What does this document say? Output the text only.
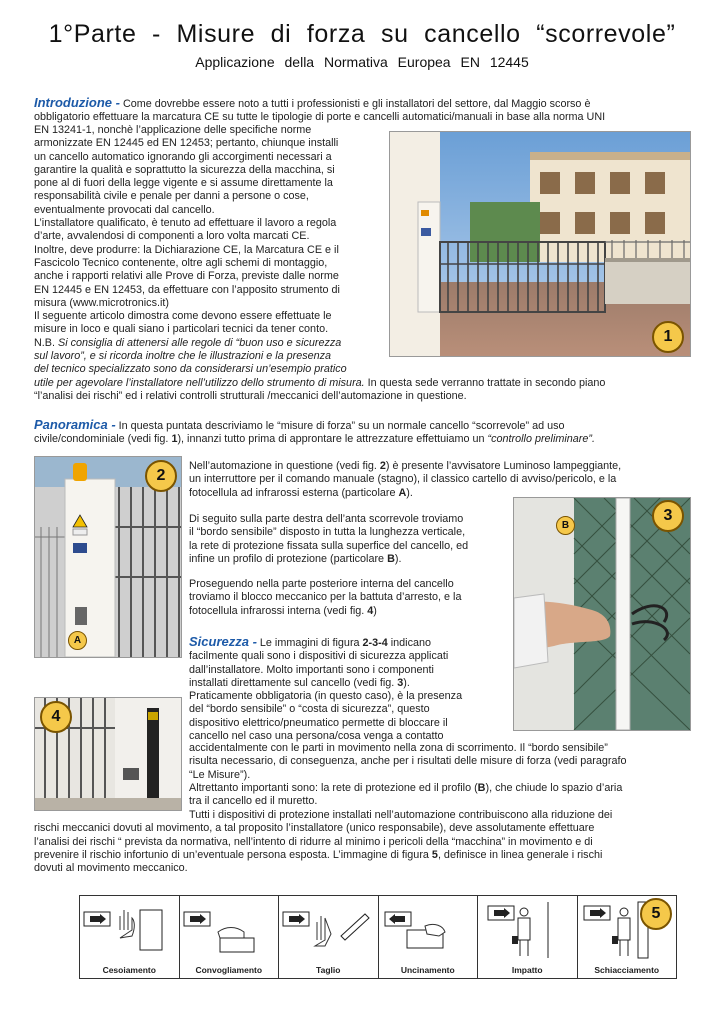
1°Parte - Misure di forza su cancello “scorrevole”
Applicazione della Normativa Europea EN 12445
Introduzione - Come dovrebbe essere noto a tutti i professionisti e gli installatori del settore, dal Maggio scorso è
obbligatorio effettuare la marcatura CE su tutte le tipologie di porte e cancelli automatici/manuali in base alla norma UNI
EN 13241-1, nonchè l’applicazione delle specifiche norme
armonizzate EN 12445 ed EN 12453; pertanto, chiunque installi
un cancello automatico ignorando gli accorgimenti necessari a
garantire la qualità e soprattutto la sicurezza della macchina, si
pone al di fuori della legge vigente e si assume direttamente la
responsabilità civile e penale per danni a persone o cose,
eventualmente provocati dal cancello.
L’installatore qualificato, è tenuto ad effettuare il lavoro a regola
d’arte, avvalendosi di componenti a loro volta marcati CE.
Inoltre, deve produrre: la Dichiarazione CE, la Marcatura CE e il
Fascicolo Tecnico contenente, oltre agli schemi di montaggio,
anche i rapporti relativi alle Prove di Forza, previste dalle norme
EN 12445 e EN 12453, da effettuare con l’apposito strumento di
misura (www.microtronics.it)
Il seguente articolo dimostra come devono essere effettuate le
misure in loco e quali siano i particolari tecnici da tener conto.
N.B. Si consiglia di attenersi alle regole di “buon uso e sicurezza
sul lavoro”, e si ricorda inoltre che le illustrazioni e la presenza
del tecnico specializzato sono da considerarsi un’esempio pratico
utile per agevolare l’installatore nell’utilizzo dello strumento di misura. In questa sede verranno trattate in secondo piano
“l’analisi dei rischi” ed i relativi controlli strutturali /meccanici dell’automazione in questione.
1
Panoramica - In questa puntata descriviamo le “misure di forza” su un normale cancello “scorrevole” ad uso
civile/condominiale (vedi fig. 1), innanzi tutto prima di approntare le attrezzature effettuiamo un “controllo preliminare”.
2
A
4
3
B
Nell’automazione in questione (vedi fig. 2) è presente l’avvisatore Luminoso lampeggiante,
un interruttore per il comando manuale (stagno), il classico cartello di avviso/pericolo, e la
fotocellula ad infrarossi esterna (particolare A).
Di seguito sulla parte destra dell’anta scorrevole troviamo
il “bordo sensibile” disposto in tutta la lunghezza verticale,
la rete di protezione fissata sulla superfice del cancello, ed
infine un profilo di protezione (particolare B).
Proseguendo nella parte posteriore interna del cancello
troviamo il blocco meccanico per la battuta d’arresto, e la
fotocellula infrarossi interna (vedi fig. 4)
Sicurezza - Le immagini di figura 2-3-4 indicano
facilmente quali sono i dispositivi di sicurezza applicati
dall’installatore. Molto importanti sono i componenti
installati direttamente sul cancello (vedi fig. 3).
Praticamente obbligatoria (in questo caso), è la presenza
del “bordo sensibile” o “costa di sicurezza”, questo
dispositivo elettrico/pneumatico permette di bloccare il
cancello nel caso una persona/cosa venga a contatto
accidentalmente con le parti in movimento nella zona di scorrimento. Il “bordo sensibile”
risulta necessario, di conseguenza, anche per i risultati delle misure di forza (vedi paragrafo
“Le Misure”).
Altrettanto importanti sono: la rete di protezione ed il profilo (B), che chiude lo spazio d’aria
tra il cancello ed il muretto.
Tutti i dispositivi di protezione installati nell’automazione contribuiscono alla riduzione dei
rischi meccanici dovuti al movimento, a tal proposito l’installatore (unico responsabile), deve assolutamente effettuare
l’analisi dei rischi “ prevista da normativa, nell’intento di ridurre al minimo i pericoli della “macchina” in movimento e di
prevenire il rischio infortunio di un’eventuale persona esposta. L’immagine di figura 5, definisce in linea generale i rischi
dovuti al movimento meccanico.
Cesoiamento	Convogliamento	Taglio	Uncinamento	Impatto	Schiacciamento
5
